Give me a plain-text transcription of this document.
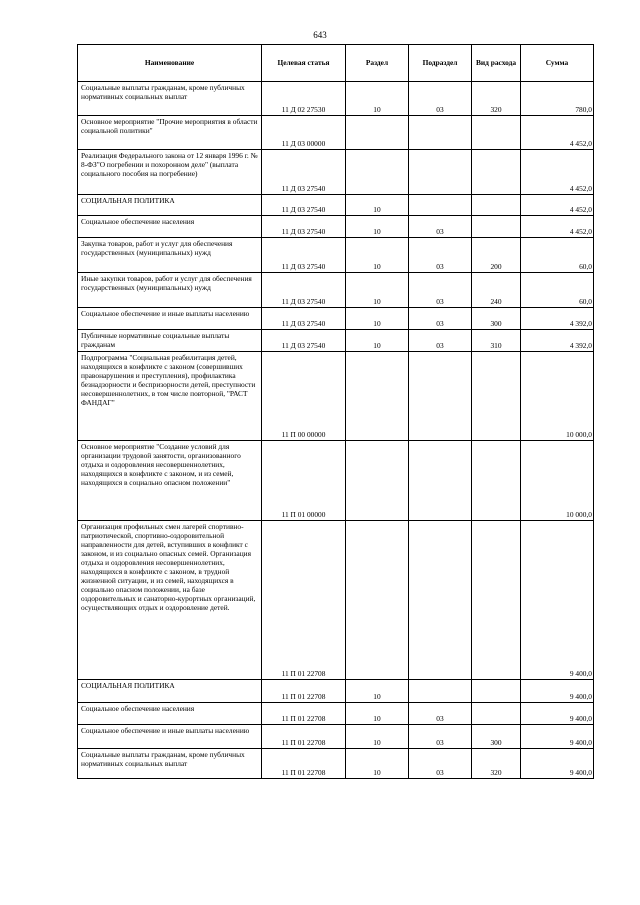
643
Наименование	Целевая статья	Раздел	Подраздел	Вид расхода	Сумма
Социальные выплаты гражданам, кроме публичных нормативных социальных выплат	11 Д 02 27530	10	03	320	780,0
Основное мероприятие "Прочие мероприятия в области социальной политики"	11 Д 03 00000				4 452,0
Реализация Федерального закона от 12 января 1996 г. № 8-ФЗ"О погребении и похоронном деле" (выплата социального пособия на погребение)	11 Д 03 27540				4 452,0
СОЦИАЛЬНАЯ ПОЛИТИКА	11 Д 03 27540	10			4 452,0
Социальное обеспечение населения	11 Д 03 27540	10	03		4 452,0
Закупка товаров, работ и услуг для обеспечения государственных (муниципальных) нужд	11 Д 03 27540	10	03	200	60,0
Иные закупки товаров, работ и услуг для обеспечения государственных (муниципальных) нужд	11 Д 03 27540	10	03	240	60,0
Социальное обеспечение и иные выплаты населению	11 Д 03 27540	10	03	300	4 392,0
Публичные нормативные социальные выплаты гражданам	11 Д 03 27540	10	03	310	4 392,0
Подпрограмма "Социальная реабилитация детей, находящихся в конфликте с законом (совершивших правонарушения и преступления), профилактика безнадзорности и беспризорности детей, преступности несовершеннолетних, в том числе повторной, "РАСТ ФАНДАГ"	11 П 00 00000				10 000,0
Основное мероприятие "Создание условий для организации трудовой занятости, организованного отдыха и оздоровления несовершеннолетних, находящихся в конфликте с законом, и из семей, находящихся в социально опасном положении"	11 П 01 00000				10 000,0
Организация профильных смен лагерей спортивно-патриотической, спортивно-оздоровительной направленности для детей, вступивших в конфликт с законом, и из социально опасных семей. Организация отдыха и оздоровления несовершеннолетних, находящихся в конфликте с законом, в трудной жизненной ситуации, и из семей, находящихся в социально опасном положении, на базе оздоровительных и санаторно-курортных организаций, осуществляющих отдых и оздоровление детей.	11 П 01 22708				9 400,0
СОЦИАЛЬНАЯ ПОЛИТИКА	11 П 01 22708	10			9 400,0
Социальное обеспечение населения	11 П 01 22708	10	03		9 400,0
Социальное обеспечение и иные выплаты населению	11 П 01 22708	10	03	300	9 400,0
Социальные выплаты гражданам, кроме публичных нормативных социальных выплат	11 П 01 22708	10	03	320	9 400,0
